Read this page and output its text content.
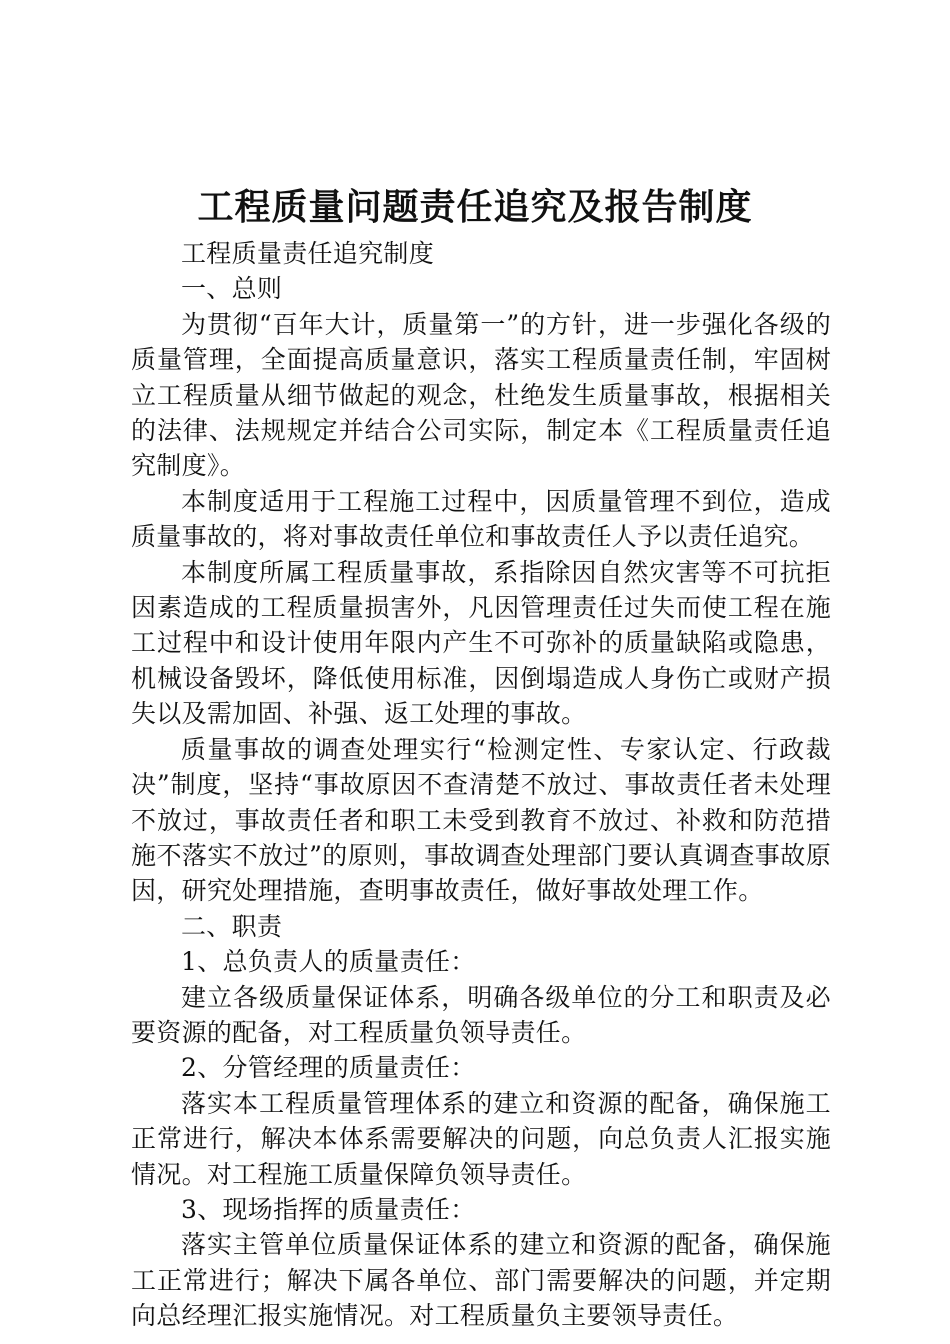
工程质量问题责任追究及报告制度

工程质量责任追究制度

一、总则

为贯彻“百年大计，质量第一”的方针，进一步强化各级的质量管理，全面提高质量意识，落实工程质量责任制，牢固树立工程质量从细节做起的观念，杜绝发生质量事故，根据相关的法律、法规规定并结合公司实际，制定本《工程质量责任追究制度》。

本制度适用于工程施工过程中，因质量管理不到位，造成质量事故的，将对事故责任单位和事故责任人予以责任追究。

本制度所属工程质量事故，系指除因自然灾害等不可抗拒因素造成的工程质量损害外，凡因管理责任过失而使工程在施工过程中和设计使用年限内产生不可弥补的质量缺陷或隐患，机械设备毁坏，降低使用标准，因倒塌造成人身伤亡或财产损失以及需加固、补强、返工处理的事故。

质量事故的调查处理实行“检测定性、专家认定、行政裁决”制度，坚持“事故原因不查清楚不放过、事故责任者未处理不放过，事故责任者和职工未受到教育不放过、补救和防范措施不落实不放过”的原则，事故调查处理部门要认真调查事故原因，研究处理措施，查明事故责任，做好事故处理工作。

二、职责

1、总负责人的质量责任：

建立各级质量保证体系，明确各级单位的分工和职责及必要资源的配备，对工程质量负领导责任。

2、分管经理的质量责任：

落实本工程质量管理体系的建立和资源的配备，确保施工正常进行，解决本体系需要解决的问题，向总负责人汇报实施情况。对工程施工质量保障负领导责任。

3、现场指挥的质量责任：

落实主管单位质量保证体系的建立和资源的配备，确保施工正常进行；解决下属各单位、部门需要解决的问题，并定期向总经理汇报实施情况。对工程质量负主要领导责任。
